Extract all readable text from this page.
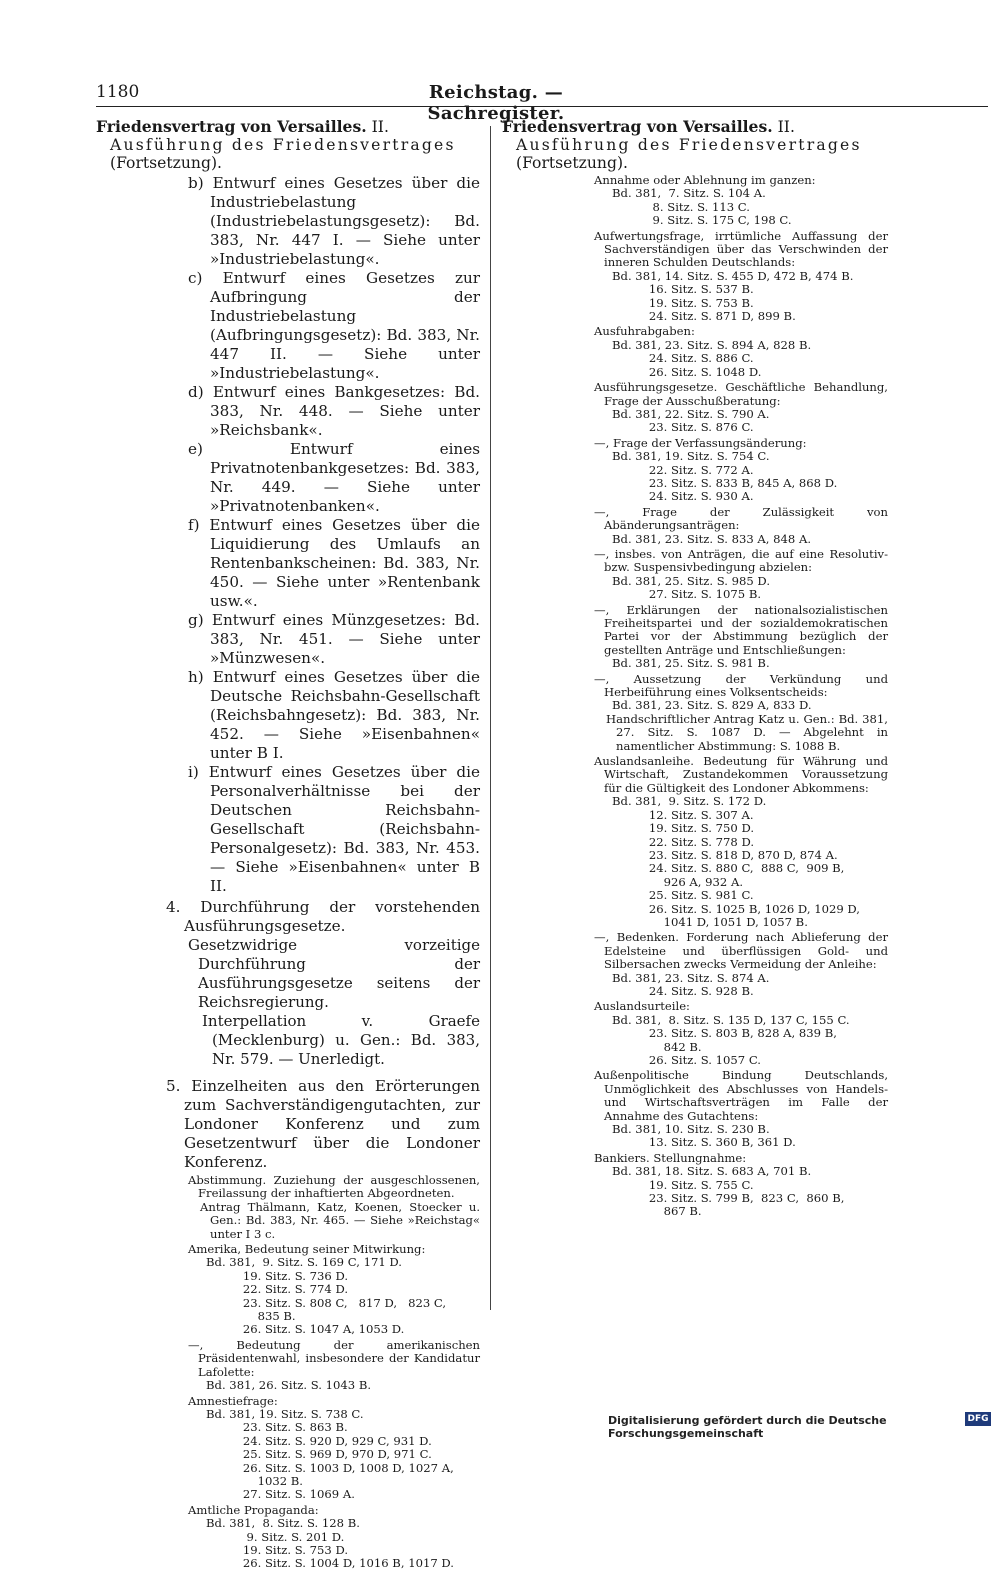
1180	Reichstag. — Sachregister.
Friedensvertrag von Versailles. II. Ausführung des Friedensvertrages (Fortsetzung).
b) Entwurf eines Gesetzes über die Industriebelastung (Industriebelastungsgesetz): Bd. 383, Nr. 447 I. — Siehe unter »Industriebelastung«.
c) Entwurf eines Gesetzes zur Aufbringung der Industriebelastung (Aufbringungsgesetz): Bd. 383, Nr. 447 II. — Siehe unter »Industriebelastung«.
d) Entwurf eines Bankgesetzes: Bd. 383, Nr. 448. — Siehe unter »Reichsbank«.
e) Entwurf eines Privatnotenbankgesetzes: Bd. 383, Nr. 449. — Siehe unter »Privatnotenbanken«.
f) Entwurf eines Gesetzes über die Liquidierung des Umlaufs an Rentenbankscheinen: Bd. 383, Nr. 450. — Siehe unter »Rentenbank usw.«.
g) Entwurf eines Münzgesetzes: Bd. 383, Nr. 451. — Siehe unter »Münzwesen«.
h) Entwurf eines Gesetzes über die Deutsche Reichsbahn-Gesellschaft (Reichsbahngesetz): Bd. 383, Nr. 452. — Siehe »Eisenbahnen« unter B I.
i) Entwurf eines Gesetzes über die Personalverhältnisse bei der Deutschen Reichsbahn-Gesellschaft (Reichsbahn-Personalgesetz): Bd. 383, Nr. 453. — Siehe »Eisenbahnen« unter B II.
4. Durchführung der vorstehenden Ausführungsgesetze.
Gesetzwidrige vorzeitige Durchführung der Ausführungsgesetze seitens der Reichsregierung.
Interpellation v. Graefe (Mecklenburg) u. Gen.: Bd. 383, Nr. 579. — Unerledigt.
5. Einzelheiten aus den Erörterungen zum Sachverständigengutachten, zur Londoner Konferenz und zum Gesetzentwurf über die Londoner Konferenz.
Abstimmung. Zuziehung der ausgeschlossenen, Freilassung der inhaftierten Abgeordneten.
Antrag Thälmann, Katz, Koenen, Stoecker u. Gen.: Bd. 383, Nr. 465. — Siehe »Reichstag« unter I 3 c.
Amerika, Bedeutung seiner Mitwirkung:
Bd. 381,  9. Sitz. S. 169 C, 171 D.
19. Sitz. S. 736 D.
22. Sitz. S. 774 D.
23. Sitz. S. 808 C,   817 D,   823 C,
835 B.
26. Sitz. S. 1047 A, 1053 D.
—, Bedeutung der amerikanischen Präsidentenwahl, insbesondere der Kandidatur Lafolette:
Bd. 381, 26. Sitz. S. 1043 B.
Amnestiefrage:
Bd. 381, 19. Sitz. S. 738 C.
23. Sitz. S. 863 B.
24. Sitz. S. 920 D, 929 C, 931 D.
25. Sitz. S. 969 D, 970 D, 971 C.
26. Sitz. S. 1003 D, 1008 D, 1027 A,
1032 B.
27. Sitz. S. 1069 A.
Amtliche Propaganda:
Bd. 381,  8. Sitz. S. 128 B.
9. Sitz. S. 201 D.
19. Sitz. S. 753 D.
26. Sitz. S. 1004 D, 1016 B, 1017 D.
Friedensvertrag von Versailles. II. Ausführung des Friedensvertrages (Fortsetzung).
Annahme oder Ablehnung im ganzen:
Bd. 381,  7. Sitz. S. 104 A.
8. Sitz. S. 113 C.
9. Sitz. S. 175 C, 198 C.
Aufwertungsfrage, irrtümliche Auffassung der Sachverständigen über das Verschwinden der inneren Schulden Deutschlands:
Bd. 381, 14. Sitz. S. 455 D, 472 B, 474 B.
16. Sitz. S. 537 B.
19. Sitz. S. 753 B.
24. Sitz. S. 871 D, 899 B.
Ausfuhrabgaben:
Bd. 381, 23. Sitz. S. 894 A, 828 B.
24. Sitz. S. 886 C.
26. Sitz. S. 1048 D.
Ausführungsgesetze. Geschäftliche Behandlung, Frage der Ausschußberatung:
Bd. 381, 22. Sitz. S. 790 A.
23. Sitz. S. 876 C.
—, Frage der Verfassungsänderung:
Bd. 381, 19. Sitz. S. 754 C.
22. Sitz. S. 772 A.
23. Sitz. S. 833 B, 845 A, 868 D.
24. Sitz. S. 930 A.
—, Frage der Zulässigkeit von Abänderungsanträgen:
Bd. 381, 23. Sitz. S. 833 A, 848 A.
—, insbes. von Anträgen, die auf eine Resolutiv- bzw. Suspensivbedingung abzielen:
Bd. 381, 25. Sitz. S. 985 D.
27. Sitz. S. 1075 B.
—, Erklärungen der nationalsozialistischen Freiheitspartei und der sozialdemokratischen Partei vor der Abstimmung bezüglich der gestellten Anträge und Entschließungen:
Bd. 381, 25. Sitz. S. 981 B.
—, Aussetzung der Verkündung und Herbeiführung eines Volksentscheids:
Bd. 381, 23. Sitz. S. 829 A, 833 D.
Handschriftlicher Antrag Katz u. Gen.: Bd. 381, 27. Sitz. S. 1087 D. — Abgelehnt in namentlicher Abstimmung: S. 1088 B.
Auslandsanleihe. Bedeutung für Währung und Wirtschaft, Zustandekommen Voraussetzung für die Gültigkeit des Londoner Abkommens:
Bd. 381,  9. Sitz. S. 172 D.
12. Sitz. S. 307 A.
19. Sitz. S. 750 D.
22. Sitz. S. 778 D.
23. Sitz. S. 818 D, 870 D, 874 A.
24. Sitz. S. 880 C,  888 C,  909 B,
926 A, 932 A.
25. Sitz. S. 981 C.
26. Sitz. S. 1025 B, 1026 D, 1029 D,
1041 D, 1051 D, 1057 B.
—, Bedenken. Forderung nach Ablieferung der Edelsteine und überflüssigen Gold- und Silbersachen zwecks Vermeidung der Anleihe:
Bd. 381, 23. Sitz. S. 874 A.
24. Sitz. S. 928 B.
Auslandsurteile:
Bd. 381,  8. Sitz. S. 135 D, 137 C, 155 C.
23. Sitz. S. 803 B, 828 A, 839 B,
842 B.
26. Sitz. S. 1057 C.
Außenpolitische Bindung Deutschlands, Unmöglichkeit des Abschlusses von Handels- und Wirtschaftsverträgen im Falle der Annahme des Gutachtens:
Bd. 381, 10. Sitz. S. 230 B.
13. Sitz. S. 360 B, 361 D.
Bankiers. Stellungnahme:
Bd. 381, 18. Sitz. S. 683 A, 701 B.
19. Sitz. S. 755 C.
23. Sitz. S. 799 B,  823 C,  860 B,
867 B.
Digitalisierung gefördert durch die Deutsche Forschungsgemeinschaft
DFG
